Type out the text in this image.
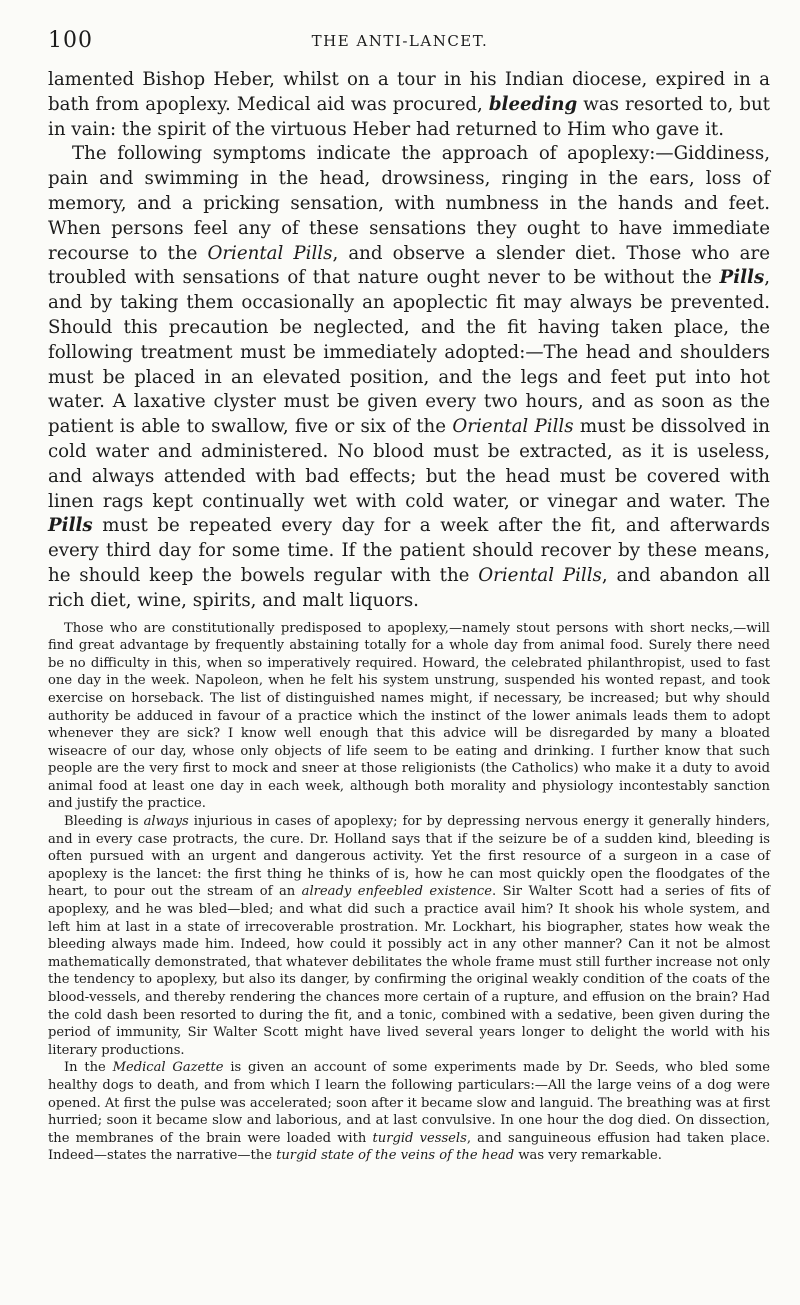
100	THE ANTI-LANCET.

lamented Bishop Heber, whilst on a tour in his Indian diocese, expired in a bath from apoplexy. Medical aid was procured, bleeding was resorted to, but in vain: the spirit of the virtuous Heber had returned to Him who gave it.

The following symptoms indicate the approach of apoplexy:—Giddiness, pain and swimming in the head, drowsiness, ringing in the ears, loss of memory, and a pricking sensation, with numbness in the hands and feet. When persons feel any of these sensations they ought to have immediate recourse to the Oriental Pills, and observe a slender diet. Those who are troubled with sensations of that nature ought never to be without the Pills, and by taking them occasionally an apoplectic fit may always be prevented. Should this precaution be neglected, and the fit having taken place, the following treatment must be immediately adopted:—The head and shoulders must be placed in an elevated position, and the legs and feet put into hot water. A laxative clyster must be given every two hours, and as soon as the patient is able to swallow, five or six of the Oriental Pills must be dissolved in cold water and administered. No blood must be extracted, as it is useless, and always attended with bad effects; but the head must be covered with linen rags kept continually wet with cold water, or vinegar and water. The Pills must be repeated every day for a week after the fit, and afterwards every third day for some time. If the patient should recover by these means, he should keep the bowels regular with the Oriental Pills, and abandon all rich diet, wine, spirits, and malt liquors.

Those who are constitutionally predisposed to apoplexy,—namely stout persons with short necks,—will find great advantage by frequently abstaining totally for a whole day from animal food. Surely there need be no difficulty in this, when so imperatively required. Howard, the celebrated philanthropist, used to fast one day in the week. Napoleon, when he felt his system unstrung, suspended his wonted repast, and took exercise on horseback. The list of distinguished names might, if necessary, be increased; but why should authority be adduced in favour of a practice which the instinct of the lower animals leads them to adopt whenever they are sick? I know well enough that this advice will be disregarded by many a bloated wiseacre of our day, whose only objects of life seem to be eating and drinking. I further know that such people are the very first to mock and sneer at those religionists (the Catholics) who make it a duty to avoid animal food at least one day in each week, although both morality and physiology incontestably sanction and justify the practice.

Bleeding is always injurious in cases of apoplexy; for by depressing nervous energy it generally hinders, and in every case protracts, the cure. Dr. Holland says that if the seizure be of a sudden kind, bleeding is often pursued with an urgent and dangerous activity. Yet the first resource of a surgeon in a case of apoplexy is the lancet: the first thing he thinks of is, how he can most quickly open the floodgates of the heart, to pour out the stream of an already enfeebled existence. Sir Walter Scott had a series of fits of apoplexy, and he was bled—bled; and what did such a practice avail him? It shook his whole system, and left him at last in a state of irrecoverable prostration. Mr. Lockhart, his biographer, states how weak the bleeding always made him. Indeed, how could it possibly act in any other manner? Can it not be almost mathematically demonstrated, that whatever debilitates the whole frame must still further increase not only the tendency to apoplexy, but also its danger, by confirming the original weakly condition of the coats of the blood-vessels, and thereby rendering the chances more certain of a rupture, and effusion on the brain? Had the cold dash been resorted to during the fit, and a tonic, combined with a sedative, been given during the period of immunity, Sir Walter Scott might have lived several years longer to delight the world with his literary productions.

In the Medical Gazette is given an account of some experiments made by Dr. Seeds, who bled some healthy dogs to death, and from which I learn the following particulars:—All the large veins of a dog were opened. At first the pulse was accelerated; soon after it became slow and languid. The breathing was at first hurried; soon it became slow and laborious, and at last convulsive. In one hour the dog died. On dissection, the membranes of the brain were loaded with turgid vessels, and sanguineous effusion had taken place. Indeed—states the narrative—the turgid state of the veins of the head was very remarkable.
